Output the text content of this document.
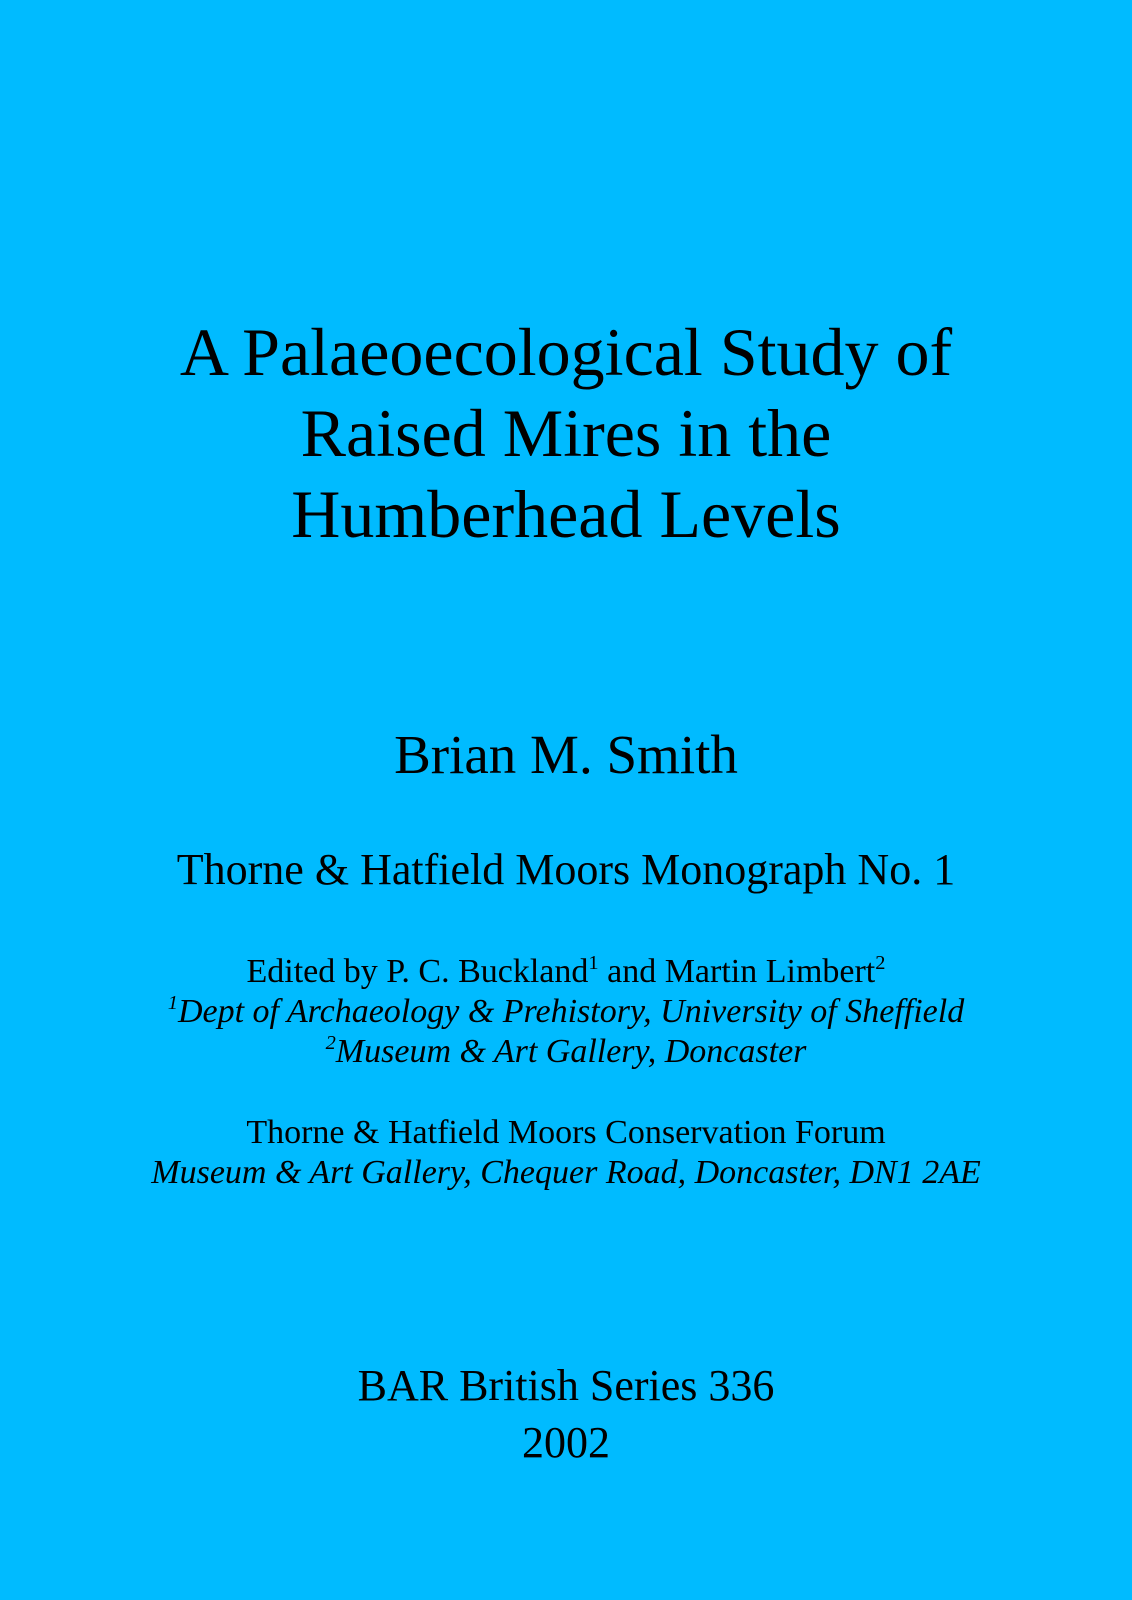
A Palaeoecological Study of
Raised Mires in the
Humberhead Levels
Brian M. Smith
Thorne & Hatfield Moors Monograph No. 1
Edited by P. C. Buckland$^1$ and Martin Limbert$^2$
$^1$Dept of Archaeology & Prehistory, University of Sheffield
$^2$Museum & Art Gallery, Doncaster
Thorne & Hatfield Moors Conservation Forum
Museum & Art Gallery, Chequer Road, Doncaster, DN1 2AE
BAR British Series 336
2002
